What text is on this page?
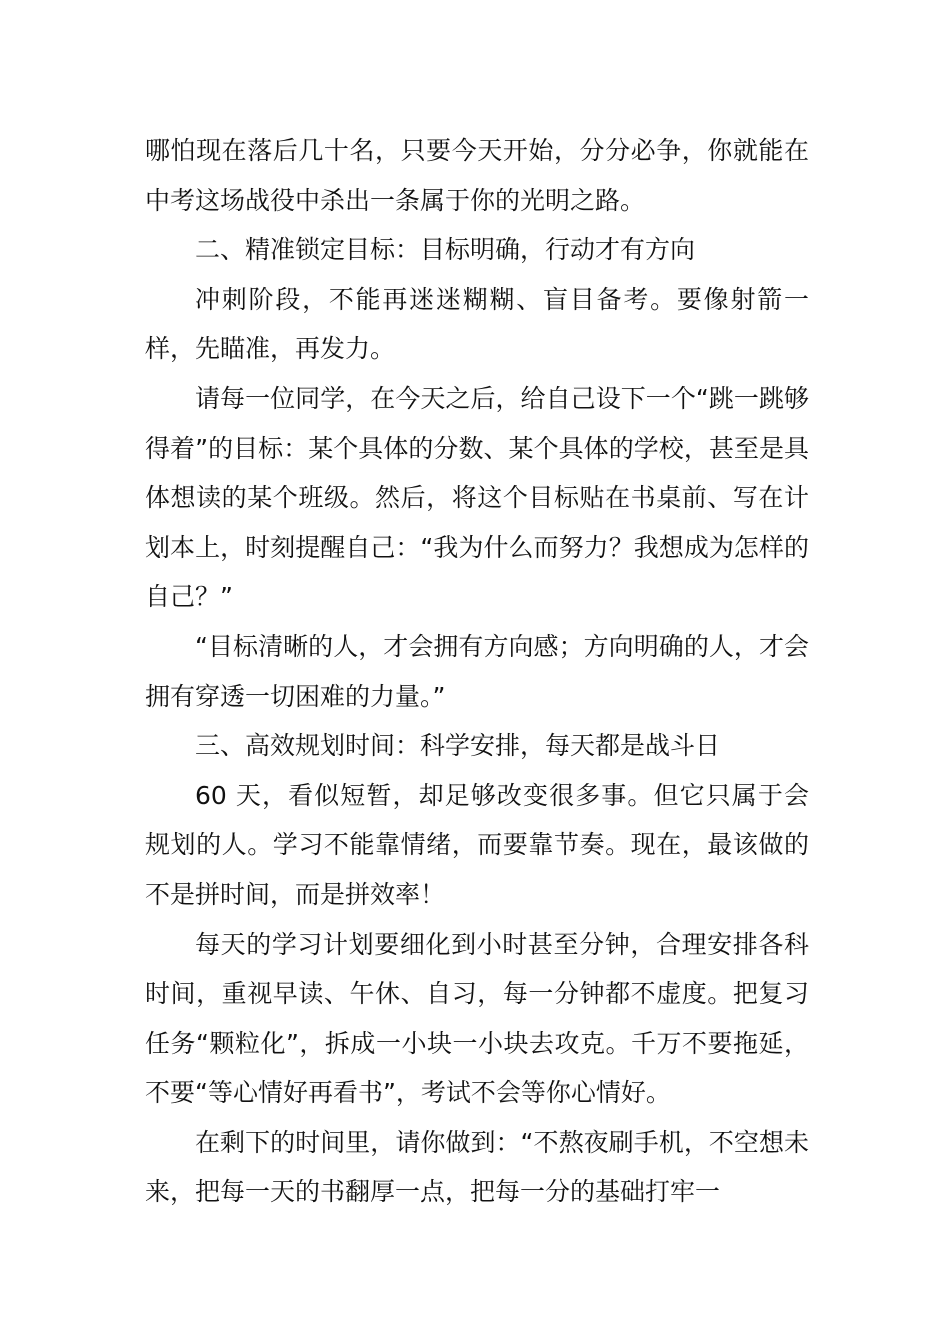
哪怕现在落后几十名，只要今天开始，分分必争，你就能在中考这场战役中杀出一条属于你的光明之路。

二、精准锁定目标：目标明确，行动才有方向

冲刺阶段，不能再迷迷糊糊、盲目备考。要像射箭一样，先瞄准，再发力。

请每一位同学，在今天之后，给自己设下一个“跳一跳够得着”的目标：某个具体的分数、某个具体的学校，甚至是具体想读的某个班级。然后，将这个目标贴在书桌前、写在计划本上，时刻提醒自己：“我为什么而努力？我想成为怎样的自己？”

“目标清晰的人，才会拥有方向感；方向明确的人，才会拥有穿透一切困难的力量。”

三、高效规划时间：科学安排，每天都是战斗日

60 天，看似短暂，却足够改变很多事。但它只属于会规划的人。学习不能靠情绪，而要靠节奏。现在，最该做的不是拼时间，而是拼效率！

每天的学习计划要细化到小时甚至分钟，合理安排各科时间，重视早读、午休、自习，每一分钟都不虚度。把复习任务“颗粒化”，拆成一小块一小块去攻克。千万不要拖延，不要“等心情好再看书”，考试不会等你心情好。

在剩下的时间里，请你做到：“不熬夜刷手机，不空想未来，把每一天的书翻厚一点，把每一分的基础打牢一
